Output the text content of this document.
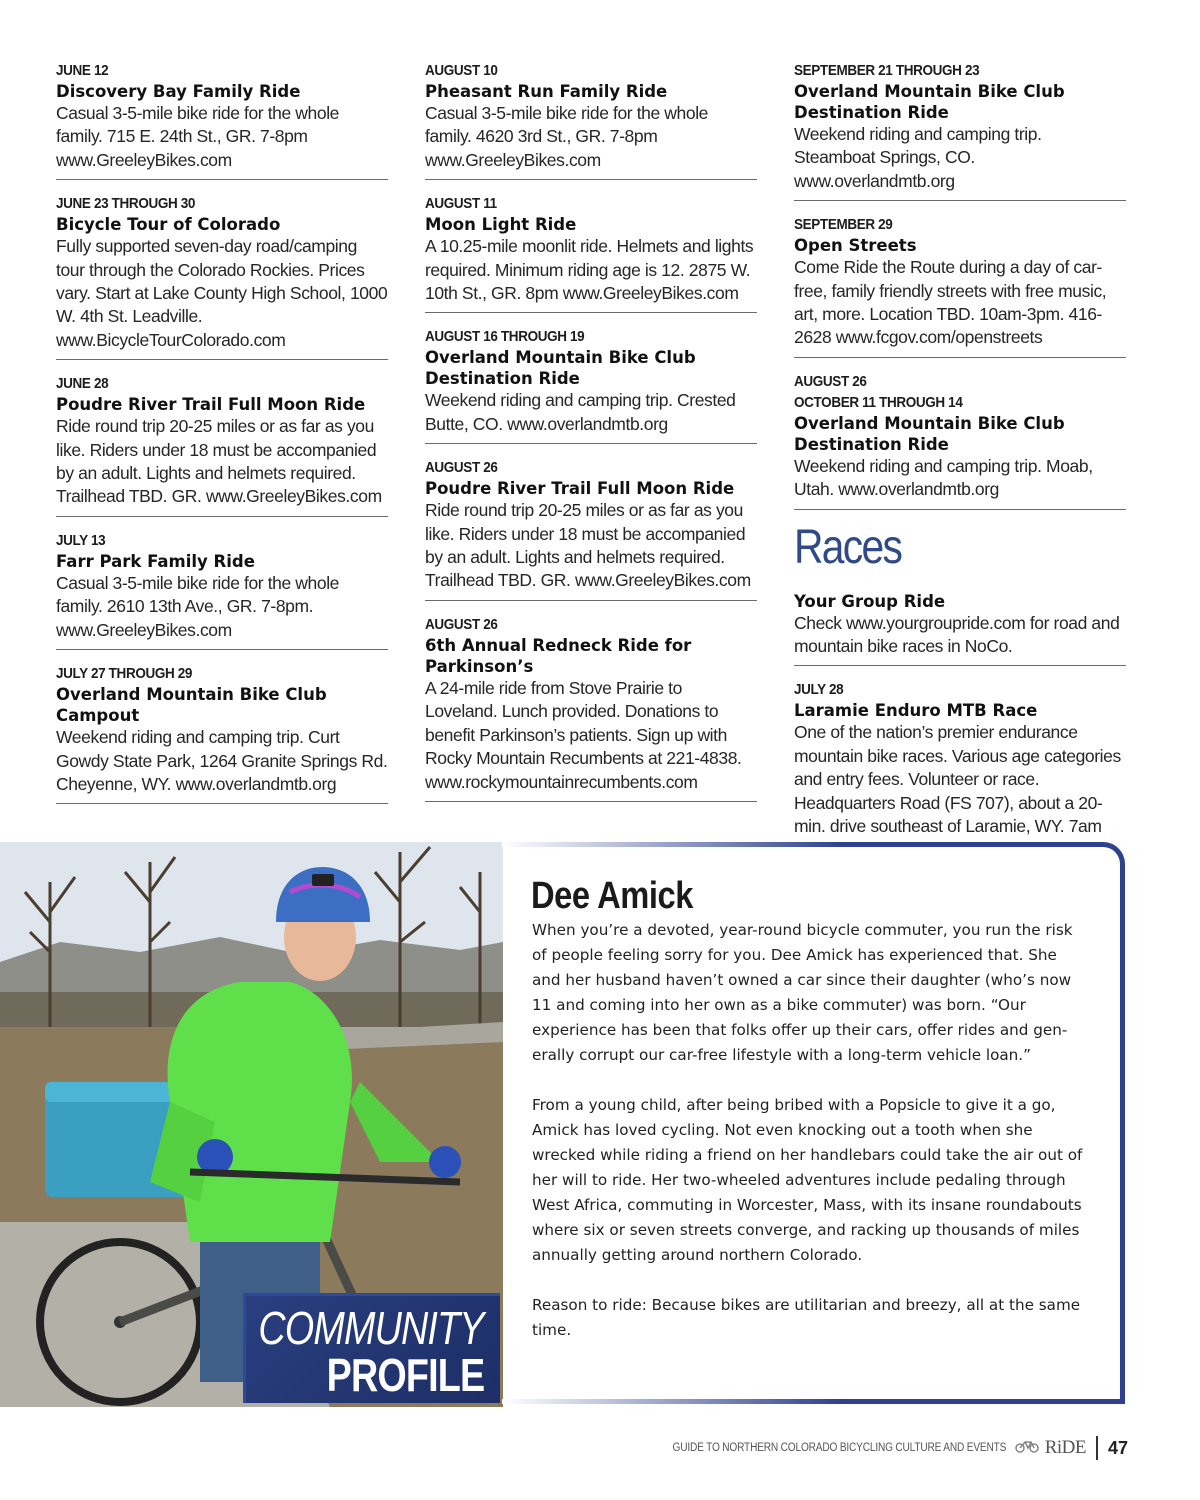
JUNE 12
Discovery Bay Family Ride
Casual 3-5-mile bike ride for the whole family. 715 E. 24th St., GR. 7-8pm www.GreeleyBikes.com
JUNE 23 THROUGH 30
Bicycle Tour of Colorado
Fully supported seven-day road/camping tour through the Colorado Rockies. Prices vary. Start at Lake County High School, 1000 W. 4th St. Leadville. www.BicycleTourColorado.com
JUNE 28
Poudre River Trail Full Moon Ride
Ride round trip 20-25 miles or as far as you like. Riders under 18 must be accompanied by an adult. Lights and helmets required. Trailhead TBD. GR. www.GreeleyBikes.com
JULY 13
Farr Park Family Ride
Casual 3-5-mile bike ride for the whole family. 2610 13th Ave., GR. 7-8pm. www.GreeleyBikes.com
JULY 27 THROUGH 29
Overland Mountain Bike Club Campout
Weekend riding and camping trip. Curt Gowdy State Park, 1264 Granite Springs Rd. Cheyenne, WY. www.overlandmtb.org
AUGUST 10
Pheasant Run Family Ride
Casual 3-5-mile bike ride for the whole family. 4620 3rd St., GR. 7-8pm www.GreeleyBikes.com
AUGUST 11
Moon Light Ride
A 10.25-mile moonlit ride. Helmets and lights required. Minimum riding age is 12. 2875 W. 10th St., GR. 8pm www.GreeleyBikes.com
AUGUST 16 THROUGH 19
Overland Mountain Bike Club Destination Ride
Weekend riding and camping trip. Crested Butte, CO. www.overlandmtb.org
AUGUST 26
Poudre River Trail Full Moon Ride
Ride round trip 20-25 miles or as far as you like. Riders under 18 must be accompanied by an adult. Lights and helmets required. Trailhead TBD. GR. www.GreeleyBikes.com
AUGUST 26
6th Annual Redneck Ride for Parkinson’s
A 24-mile ride from Stove Prairie to Loveland. Lunch provided. Donations to benefit Parkinson’s patients. Sign up with Rocky Mountain Recumbents at 221-4838. www.rockymountainrecumbents.com
SEPTEMBER 21 THROUGH 23
Overland Mountain Bike Club Destination Ride
Weekend riding and camping trip. Steamboat Springs, CO. www.overlandmtb.org
SEPTEMBER 29
Open Streets
Come Ride the Route during a day of car-free, family friendly streets with free music, art, more. Location TBD. 10am-3pm. 416-2628 www.fcgov.com/openstreets
AUGUST 26
OCTOBER 11 THROUGH 14
Overland Mountain Bike Club Destination Ride
Weekend riding and camping trip. Moab, Utah. www.overlandmtb.org
Races
Your Group Ride
Check www.yourgroupride.com for road and mountain bike races in NoCo.
JULY 28
Laramie Enduro MTB Race
One of the nation’s premier endurance mountain bike races. Various age categories and entry fees. Volunteer or race. Headquarters Road (FS 707), about a 20-min. drive southeast of Laramie, WY. 7am
COMMUNITY
PROFILE
Dee Amick

When you’re a devoted, year-round bicycle commuter, you run the risk of people feeling sorry for you. Dee Amick has experienced that. She and her husband haven’t owned a car since their daughter (who’s now 11 and coming into her own as a bike commuter) was born. “Our experience has been that folks offer up their cars, offer rides and gen-erally corrupt our car-free lifestyle with a long-term vehicle loan.”

From a young child, after being bribed with a Popsicle to give it a go, Amick has loved cycling. Not even knocking out a tooth when she wrecked while riding a friend on her handlebars could take the air out of her will to ride. Her two-wheeled adventures include pedaling through West Africa, commuting in Worcester, Mass, with its insane roundabouts where six or seven streets converge, and racking up thousands of miles annually getting around northern Colorado.

Reason to ride: Because bikes are utilitarian and breezy, all at the same time.

GUIDE TO NORTHERN COLORADO BICYCLING CULTURE AND EVENTS RiDE 47
